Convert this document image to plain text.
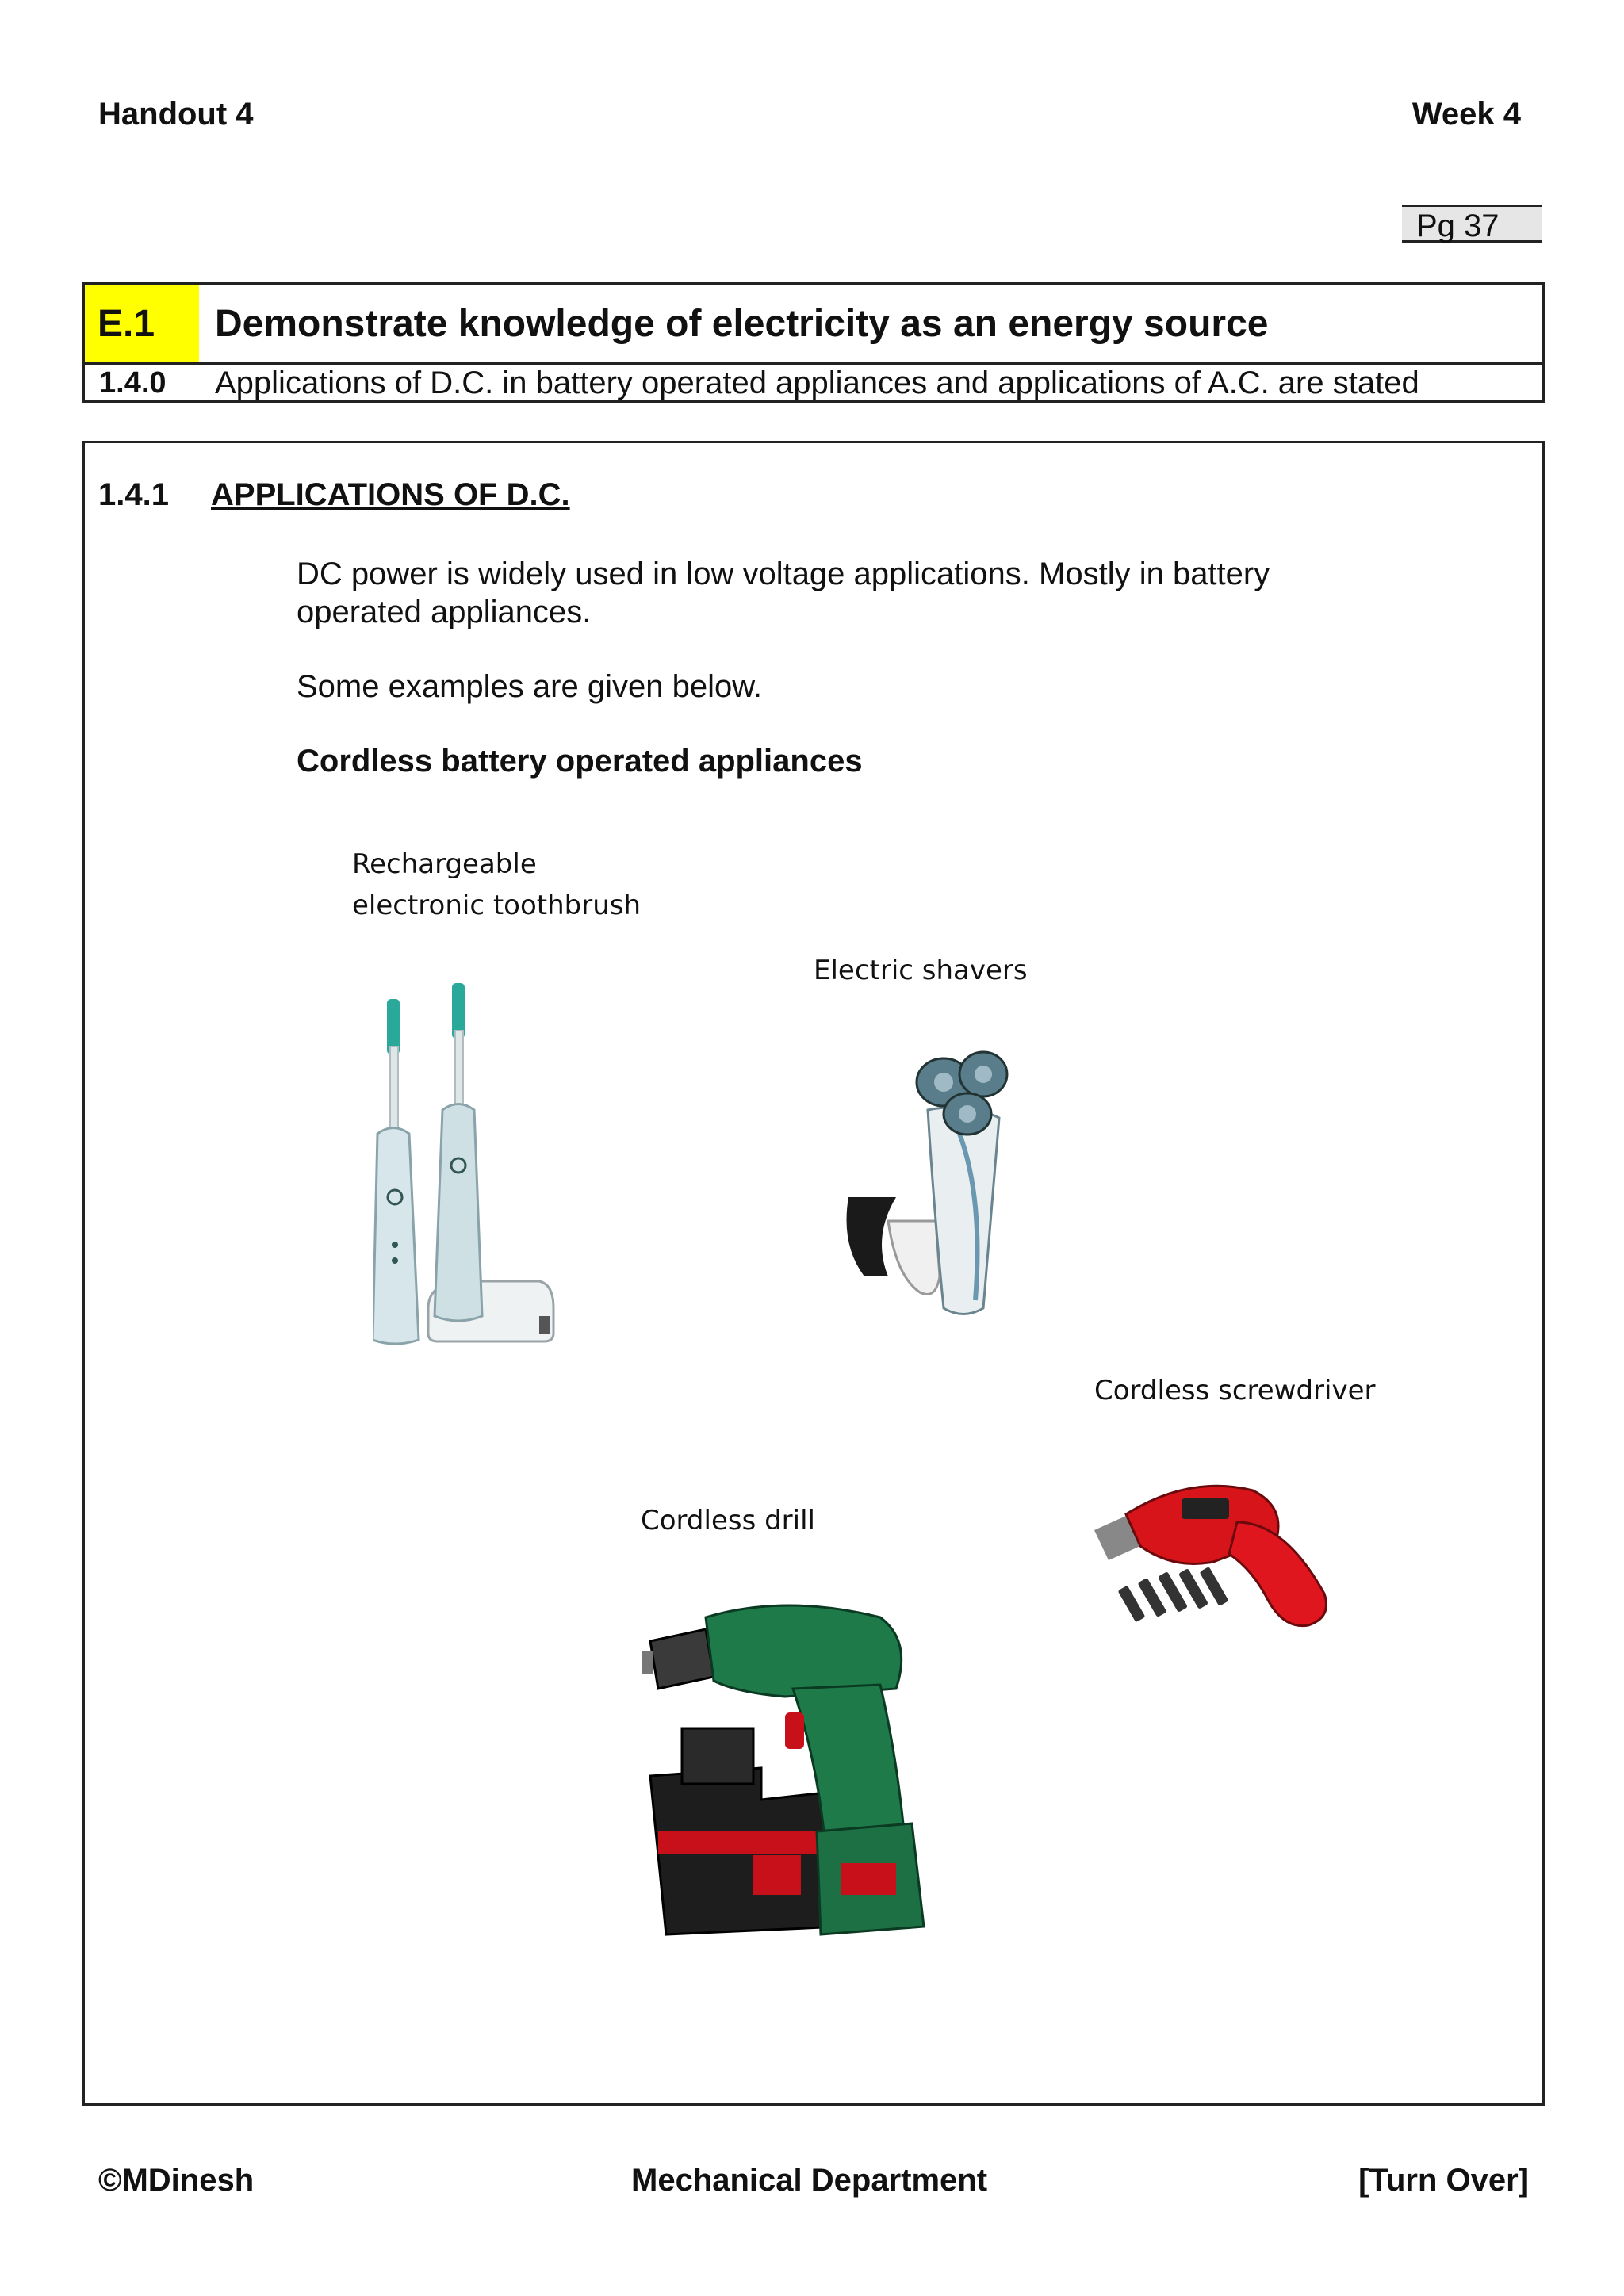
Handout 4	Week 4
Pg 37
E.1	Demonstrate knowledge of electricity as an energy source
1.4.0 Applications of D.C. in battery operated appliances and applications of A.C. are stated
1.4.1 APPLICATIONS OF D.C.
DC power is widely used in low voltage applications. Mostly in battery
operated appliances.
Some examples are given below.
Cordless battery operated appliances
Rechargeable
electronic toothbrush
Electric shavers
Cordless screwdriver
Cordless drill
©MDinesh	Mechanical Department	[Turn Over]
